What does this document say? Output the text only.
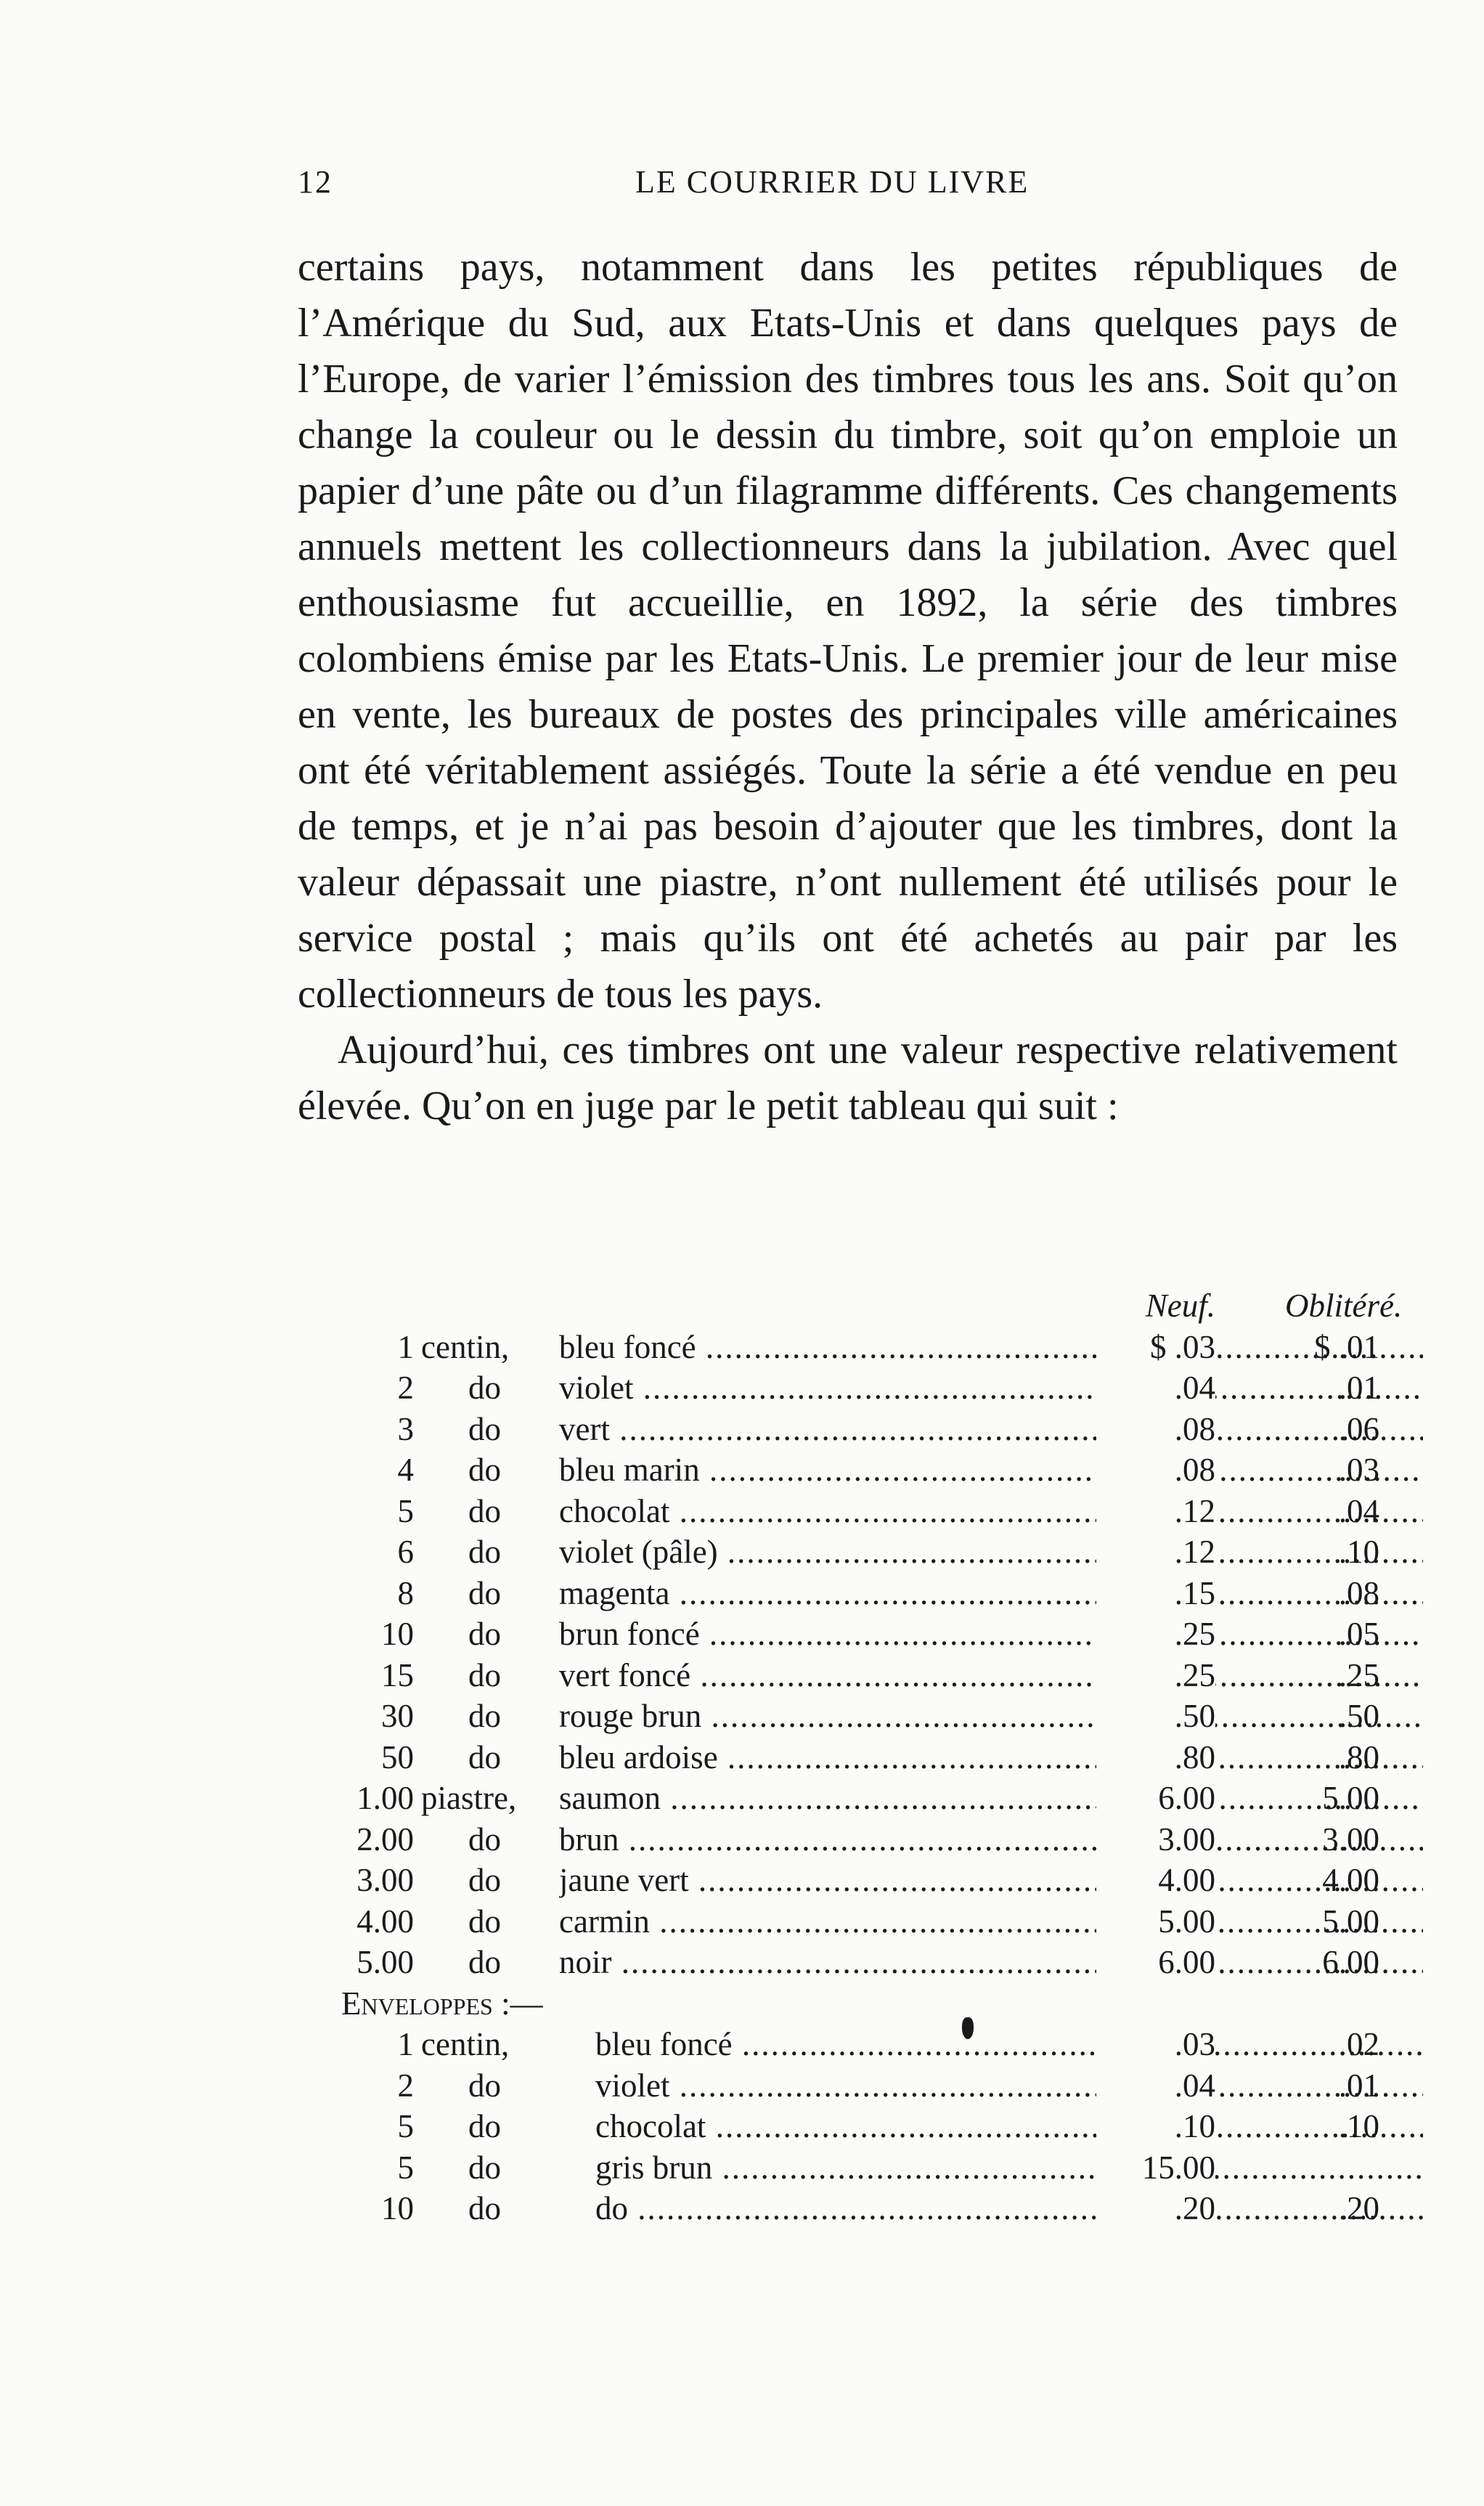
12	LE COURRIER DU LIVRE

certains pays, notamment dans les petites républiques de l’Amérique du Sud, aux Etats-Unis et dans quelques pays de l’Europe, de varier l’émission des timbres tous les ans. Soit qu’on change la couleur ou le dessin du timbre, soit qu’on emploie un papier d’une pâte ou d’un filagramme différents. Ces changements annuels mettent les collectionneurs dans la jubilation. Avec quel enthousiasme fut accueillie, en 1892, la série des timbres colombiens émise par les Etats-Unis. Le premier jour de leur mise en vente, les bureaux de postes des principales ville américaines ont été véritablement assiégés. Toute la série a été vendue en peu de temps, et je n’ai pas besoin d’ajouter que les timbres, dont la valeur dépassait une piastre, n’ont nullement été utilisés pour le service postal ; mais qu’ils ont été achetés au pair par les collectionneurs de tous les pays.

Aujourd’hui, ces timbres ont une valeur respective relativement élevée. Qu’on en juge par le petit tableau qui suit :

Neuf. Oblitéré.
1 centin, bleu foncé .....	$ .03	$ .01
2 do violet .....	.04	.01
3 do vert .....	.08	.06
4 do bleu marin .....	.08	.03
5 do chocolat .....	.12	.04
6 do violet (pâle) .....	.12	.10
8 do magenta .....	.15	.08
10 do brun foncé .....	.25	.05
15 do vert foncé .....	.25	.25
30 do rouge brun .....	.50	.50
50 do bleu ardoise .....	.80	.80
1.00 piastre, saumon .....	6.00	5.00
2.00 do brun .....	3.00	3.00
3.00 do jaune vert .....	4.00	4.00
4.00 do carmin .....	5.00	5.00
5.00 do noir .....	6.00	6.00
Enveloppes :—
1 centin,	bleu foncé .....	.03	.02
2 do	violet .....	.04	.01
5 do	chocolat .....	.10	.10
5 do	gris brun .....	15.00
10 do	do .....	.20	.20
